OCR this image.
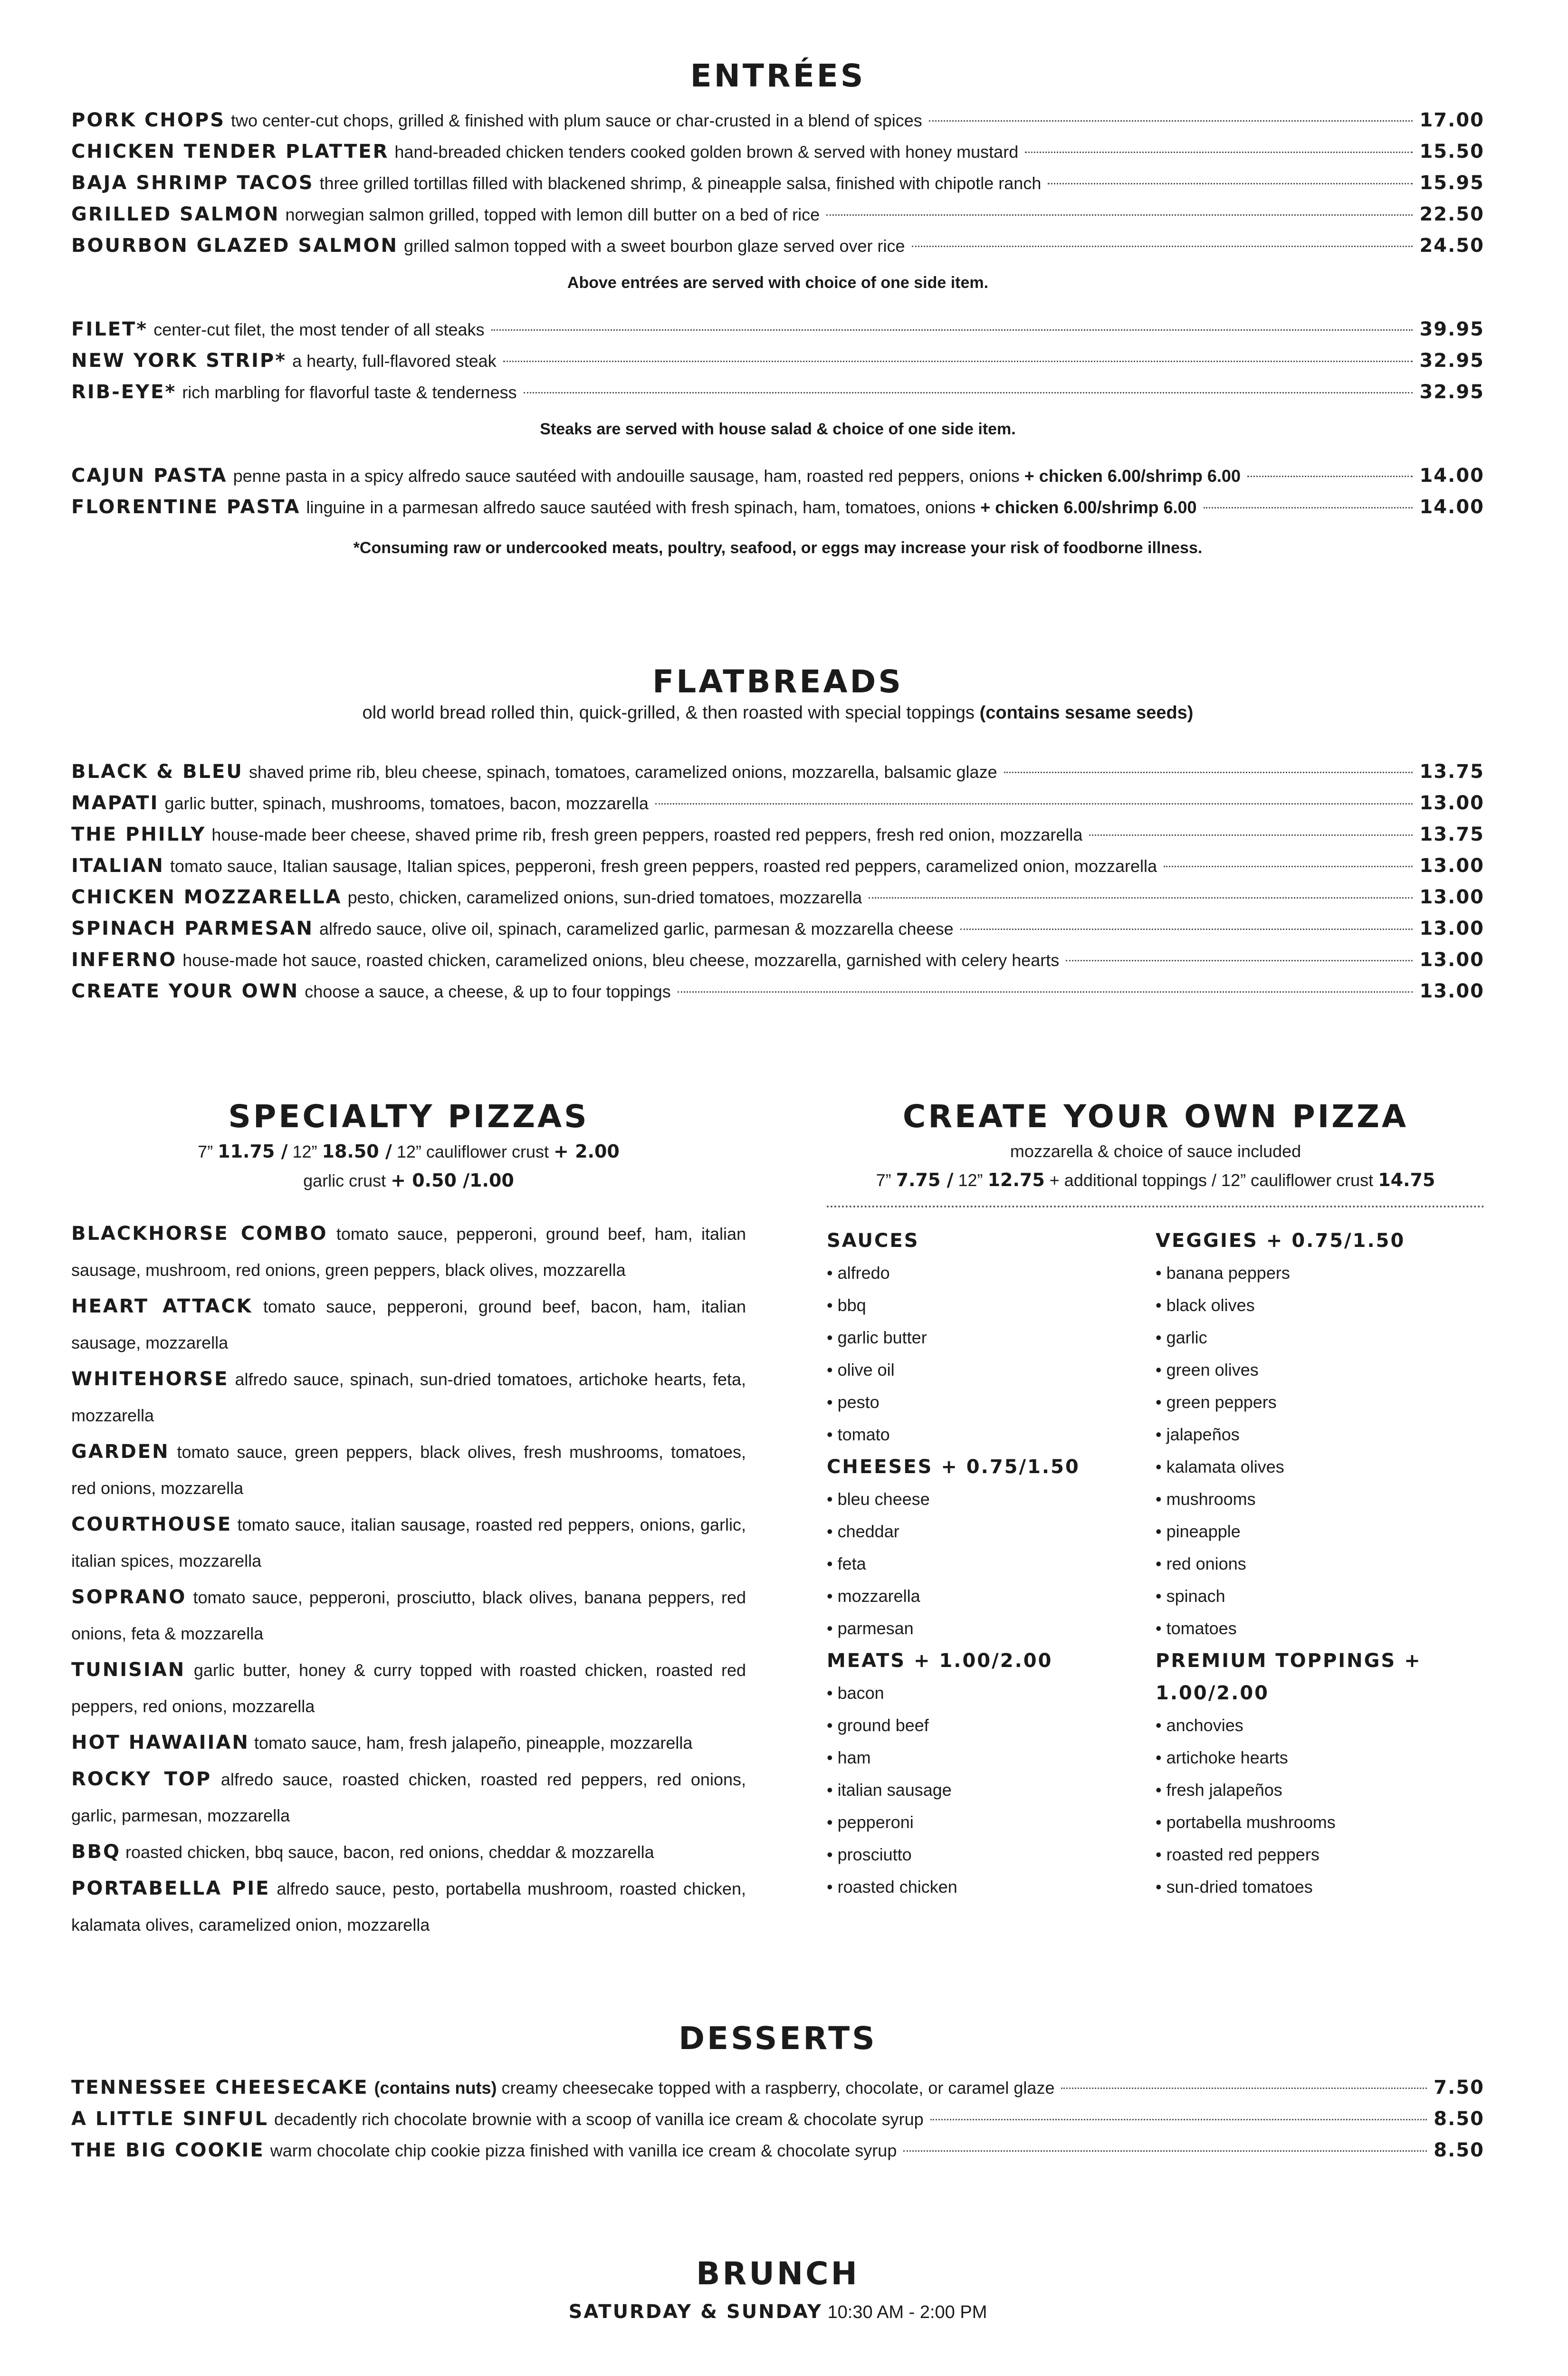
ENTRÉES
PORK CHOPS two center-cut chops, grilled & finished with plum sauce or char-crusted in a blend of spices	17.00
CHICKEN TENDER PLATTER hand-breaded chicken tenders cooked golden brown & served with honey mustard	15.50
BAJA SHRIMP TACOS three grilled tortillas filled with blackened shrimp, & pineapple salsa, finished with chipotle ranch	15.95
GRILLED SALMON norwegian salmon grilled, topped with lemon dill butter on a bed of rice	22.50
BOURBON GLAZED SALMON grilled salmon topped with a sweet bourbon glaze served over rice	24.50
Above entrées are served with choice of one side item.
FILET* center-cut filet, the most tender of all steaks	39.95
NEW YORK STRIP* a hearty, full-flavored steak	32.95
RIB-EYE* rich marbling for flavorful taste & tenderness	32.95
Steaks are served with house salad & choice of one side item.
CAJUN PASTA penne pasta in a spicy alfredo sauce sautéed with andouille sausage, ham, roasted red peppers, onions + chicken 6.00/shrimp 6.00	14.00
FLORENTINE PASTA linguine in a parmesan alfredo sauce sautéed with fresh spinach, ham, tomatoes, onions + chicken 6.00/shrimp 6.00	14.00
*Consuming raw or undercooked meats, poultry, seafood, or eggs may increase your risk of foodborne illness.
FLATBREADS
old world bread rolled thin, quick-grilled, & then roasted with special toppings (contains sesame seeds)
BLACK & BLEU shaved prime rib, bleu cheese, spinach, tomatoes, caramelized onions, mozzarella, balsamic glaze	13.75
MAPATI garlic butter, spinach, mushrooms, tomatoes, bacon, mozzarella	13.00
THE PHILLY house-made beer cheese, shaved prime rib, fresh green peppers, roasted red peppers, fresh red onion, mozzarella	13.75
ITALIAN tomato sauce, Italian sausage, Italian spices, pepperoni, fresh green peppers, roasted red peppers, caramelized onion, mozzarella	13.00
CHICKEN MOZZARELLA pesto, chicken, caramelized onions, sun-dried tomatoes, mozzarella	13.00
SPINACH PARMESAN alfredo sauce, olive oil, spinach, caramelized garlic, parmesan & mozzarella cheese	13.00
INFERNO house-made hot sauce, roasted chicken, caramelized onions, bleu cheese, mozzarella, garnished with celery hearts	13.00
CREATE YOUR OWN choose a sauce, a cheese, & up to four toppings	13.00
SPECIALTY PIZZAS
7” 11.75 / 12” 18.50 / 12” cauliflower crust + 2.00
garlic crust + 0.50 /1.00
BLACKHORSE COMBO tomato sauce, pepperoni, ground beef, ham, italian sausage, mushroom, red onions, green peppers, black olives, mozzarella
HEART ATTACK tomato sauce, pepperoni, ground beef, bacon, ham, italian sausage, mozzarella
WHITEHORSE alfredo sauce, spinach, sun-dried tomatoes, artichoke hearts, feta, mozzarella
GARDEN tomato sauce, green peppers, black olives, fresh mushrooms, tomatoes, red onions, mozzarella
COURTHOUSE tomato sauce, italian sausage, roasted red peppers, onions, garlic, italian spices, mozzarella
SOPRANO tomato sauce, pepperoni, prosciutto, black olives, banana peppers, red onions, feta & mozzarella
TUNISIAN garlic butter, honey & curry topped with roasted chicken, roasted red peppers, red onions, mozzarella
HOT HAWAIIAN tomato sauce, ham, fresh jalapeño, pineapple, mozzarella
ROCKY TOP alfredo sauce, roasted chicken, roasted red peppers, red onions, garlic, parmesan, mozzarella
BBQ roasted chicken, bbq sauce, bacon, red onions, cheddar & mozzarella
PORTABELLA PIE alfredo sauce, pesto, portabella mushroom, roasted chicken, kalamata olives, caramelized onion, mozzarella
CREATE YOUR OWN PIZZA
mozzarella & choice of sauce included
7” 7.75 / 12” 12.75 + additional toppings / 12” cauliflower crust 14.75
SAUCES
• alfredo
• bbq
• garlic butter
• olive oil
• pesto
• tomato
CHEESES + 0.75/1.50
• bleu cheese
• cheddar
• feta
• mozzarella
• parmesan
MEATS + 1.00/2.00
• bacon
• ground beef
• ham
• italian sausage
• pepperoni
• prosciutto
• roasted chicken
VEGGIES + 0.75/1.50
• banana peppers
• black olives
• garlic
• green olives
• green peppers
• jalapeños
• kalamata olives
• mushrooms
• pineapple
• red onions
• spinach
• tomatoes
PREMIUM TOPPINGS + 1.00/2.00
• anchovies
• artichoke hearts
• fresh jalapeños
• portabella mushrooms
• roasted red peppers
• sun-dried tomatoes
DESSERTS
TENNESSEE CHEESECAKE (contains nuts) creamy cheesecake topped with a raspberry, chocolate, or caramel glaze	7.50
A LITTLE SINFUL decadently rich chocolate brownie with a scoop of vanilla ice cream & chocolate syrup	8.50
THE BIG COOKIE warm chocolate chip cookie pizza finished with vanilla ice cream & chocolate syrup	8.50
BRUNCH
SATURDAY & SUNDAY 10:30 AM - 2:00 PM
